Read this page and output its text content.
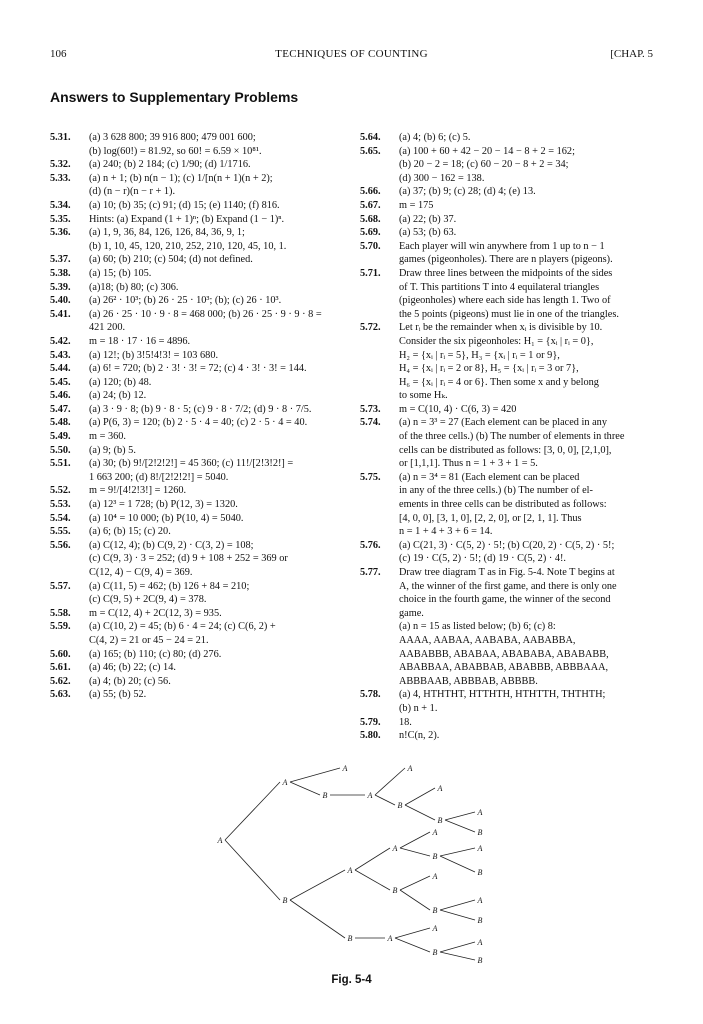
106	TECHNIQUES OF COUNTING	[CHAP. 5
Answers to Supplementary Problems
5.31. (a) 3 628 800; 39 916 800; 479 001 600;
(b) log(60!) = 81.92, so 60! = 6.59 × 10⁸¹.
5.32. (a) 240; (b) 2 184; (c) 1/90; (d) 1/1716.
5.33. (a) n + 1; (b) n(n − 1); (c) 1/[n(n + 1)(n + 2);
(d) (n − r)(n − r + 1).
5.34. (a) 10; (b) 35; (c) 91; (d) 15; (e) 1140; (f) 816.
5.35. Hints: (a) Expand (1 + 1)ⁿ; (b) Expand (1 − 1)ⁿ.
5.36. (a) 1, 9, 36, 84, 126, 126, 84, 36, 9, 1;
(b) 1, 10, 45, 120, 210, 252, 210, 120, 45, 10, 1.
5.37. (a) 60; (b) 210; (c) 504; (d) not defined.
5.38. (a) 15; (b) 105.
5.39. (a)18; (b) 80; (c) 306.
5.40. (a) 26² · 10³; (b) 26 · 25 · 10³; (b); (c) 26 · 10³.
5.41. (a) 26 · 25 · 10 · 9 · 8 = 468 000; (b) 26 · 25 · 9 · 9 · 8 =
421 200.
5.42. m = 18 · 17 · 16 = 4896.
5.43. (a) 12!; (b) 3!5!4!3! = 103 680.
5.44. (a) 6! = 720; (b) 2 · 3! · 3! = 72; (c) 4 · 3! · 3! = 144.
5.45. (a) 120; (b) 48.
5.46. (a) 24; (b) 12.
5.47. (a) 3 · 9 · 8; (b) 9 · 8 · 5; (c) 9 · 8 · 7/2; (d) 9 · 8 · 7/5.
5.48. (a) P(6, 3) = 120; (b) 2 · 5 · 4 = 40; (c) 2 · 5 · 4 = 40.
5.49. m = 360.
5.50. (a) 9; (b) 5.
5.51. (a) 30; (b) 9!/[2!2!2!] = 45 360; (c) 11!/[2!3!2!] =
1 663 200; (d) 8!/[2!2!2!] = 5040.
5.52. m = 9!/[4!2!3!] = 1260.
5.53. (a) 12³ = 1 728; (b) P(12, 3) = 1320.
5.54. (a) 10⁴ = 10 000; (b) P(10, 4) = 5040.
5.55. (a) 6; (b) 15; (c) 20.
5.56. (a) C(12, 4); (b) C(9, 2) · C(3, 2) = 108;
(c) C(9, 3) · 3 = 252; (d) 9 + 108 + 252 = 369 or
C(12, 4) − C(9, 4) = 369.
5.57. (a) C(11, 5) = 462; (b) 126 + 84 = 210;
(c) C(9, 5) + 2C(9, 4) = 378.
5.58. m = C(12, 4) + 2C(12, 3) = 935.
5.59. (a) C(10, 2) = 45; (b) 6 · 4 = 24; (c) C(6, 2) +
C(4, 2) = 21 or 45 − 24 = 21.
5.60. (a) 165; (b) 110; (c) 80; (d) 276.
5.61. (a) 46; (b) 22; (c) 14.
5.62. (a) 4; (b) 20; (c) 56.
5.63. (a) 55; (b) 52.
5.64. (a) 4; (b) 6; (c) 5.
5.65. (a) 100 + 60 + 42 − 20 − 14 − 8 + 2 = 162;
(b) 20 − 2 = 18; (c) 60 − 20 − 8 + 2 = 34;
(d) 300 − 162 = 138.
5.66. (a) 37; (b) 9; (c) 28; (d) 4; (e) 13.
5.67. m = 175
5.68. (a) 22; (b) 37.
5.69. (a) 53; (b) 63.
5.70. Each player will win anywhere from 1 up to n − 1
games (pigeonholes). There are n players (pigeons).
5.71. Draw three lines between the midpoints of the sides
of T. This partitions T into 4 equilateral triangles
(pigeonholes) where each side has length 1. Two of
the 5 points (pigeons) must lie in one of the triangles.
5.72. Let rᵢ be the remainder when xᵢ is divisible by 10.
Consider the six pigeonholes: H₁ = {xᵢ | rᵢ = 0},
H₂ = {xᵢ | rᵢ = 5}, H₃ = {xᵢ | rᵢ = 1 or 9},
H₄ = {xᵢ | rᵢ = 2 or 8}, H₅ = {xᵢ | rᵢ = 3 or 7},
H₆ = {xᵢ | rᵢ = 4 or 6}. Then some x and y belong
to some Hₖ.
5.73. m = C(10, 4) · C(6, 3) = 420
5.74. (a) n = 3³ = 27 (Each element can be placed in any
of the three cells.) (b) The number of elements in three
cells can be distributed as follows: [3, 0, 0], [2,1,0],
or [1,1,1]. Thus n = 1 + 3 + 1 = 5.
5.75. (a) n = 3⁴ = 81 (Each element can be placed
in any of the three cells.) (b) The number of el-
ements in three cells can be distributed as follows:
[4, 0, 0], [3, 1, 0], [2, 2, 0], or [2, 1, 1]. Thus
n = 1 + 4 + 3 + 6 = 14.
5.76. (a) C(21, 3) · C(5, 2) · 5!; (b) C(20, 2) · C(5, 2) · 5!;
(c) 19 · C(5, 2) · 5!; (d) 19 · C(5, 2) · 4!.
5.77. Draw tree diagram T as in Fig. 5-4. Note T begins at
A, the winner of the first game, and there is only one
choice in the fourth game, the winner of the second
game.
(a) n = 15 as listed below; (b) 6; (c) 8:
AAAA, AABAA, AABABA, AABABBA,
AABABBB, ABABAA, ABABABA, ABABABB,
ABABBAA, ABABBAB, ABABBB, ABBBAAA,
ABBBAAB, ABBBAB, ABBBB.
5.78. (a) 4, HTHTHT, HTTHTH, HTHTTH, THTHTH;
(b) n + 1.
5.79. 18.
5.80. n!C(n, 2).
A	A
A
A
B
B
B
A
B
A
A
A
B
B
A
A
A
B
B
B
A
A
A
B
B
A
B
B
A
Fig. 5-4
